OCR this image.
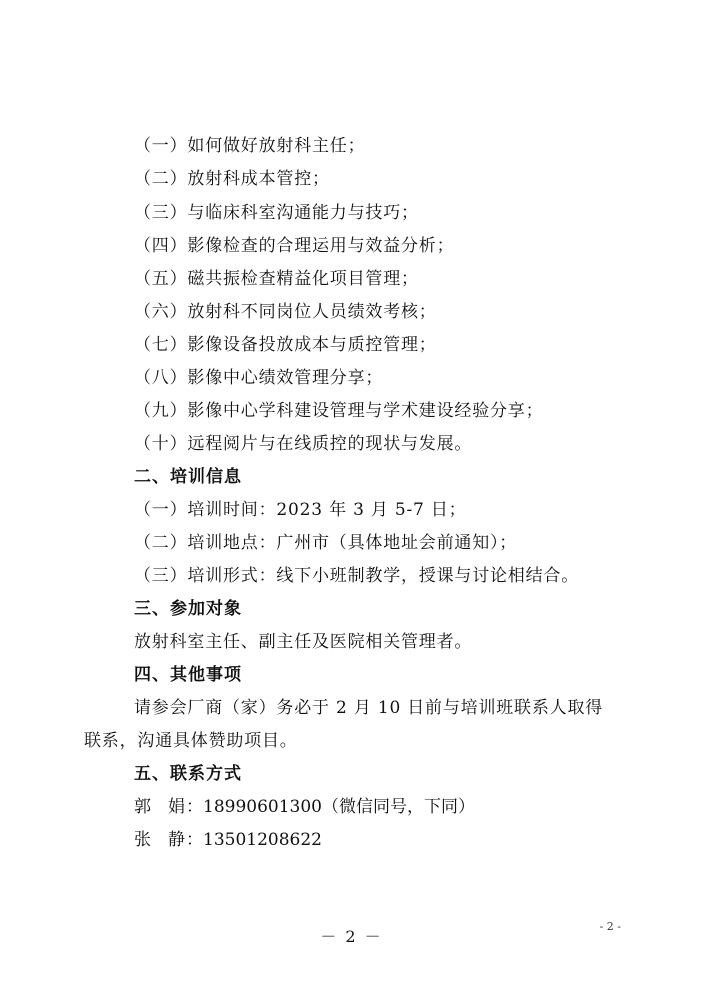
（一）如何做好放射科主任；
（二）放射科成本管控；
（三）与临床科室沟通能力与技巧；
（四）影像检查的合理运用与效益分析；
（五）磁共振检查精益化项目管理；
（六）放射科不同岗位人员绩效考核；
（七）影像设备投放成本与质控管理；
（八）影像中心绩效管理分享；
（九）影像中心学科建设管理与学术建设经验分享；
（十）远程阅片与在线质控的现状与发展。
二、培训信息
（一）培训时间：2023 年 3 月 5-7 日；
（二）培训地点：广州市（具体地址会前通知）；
（三）培训形式：线下小班制教学，授课与讨论相结合。
三、参加对象
放射科室主任、副主任及医院相关管理者。
四、其他事项
请参会厂商（家）务必于 2 月 10 日前与培训班联系人取得
联系，沟通具体赞助项目。
五、联系方式
郭 娟：18990601300（微信同号，下同）
张 静：13501208622
－ 2 －
- 2 -
